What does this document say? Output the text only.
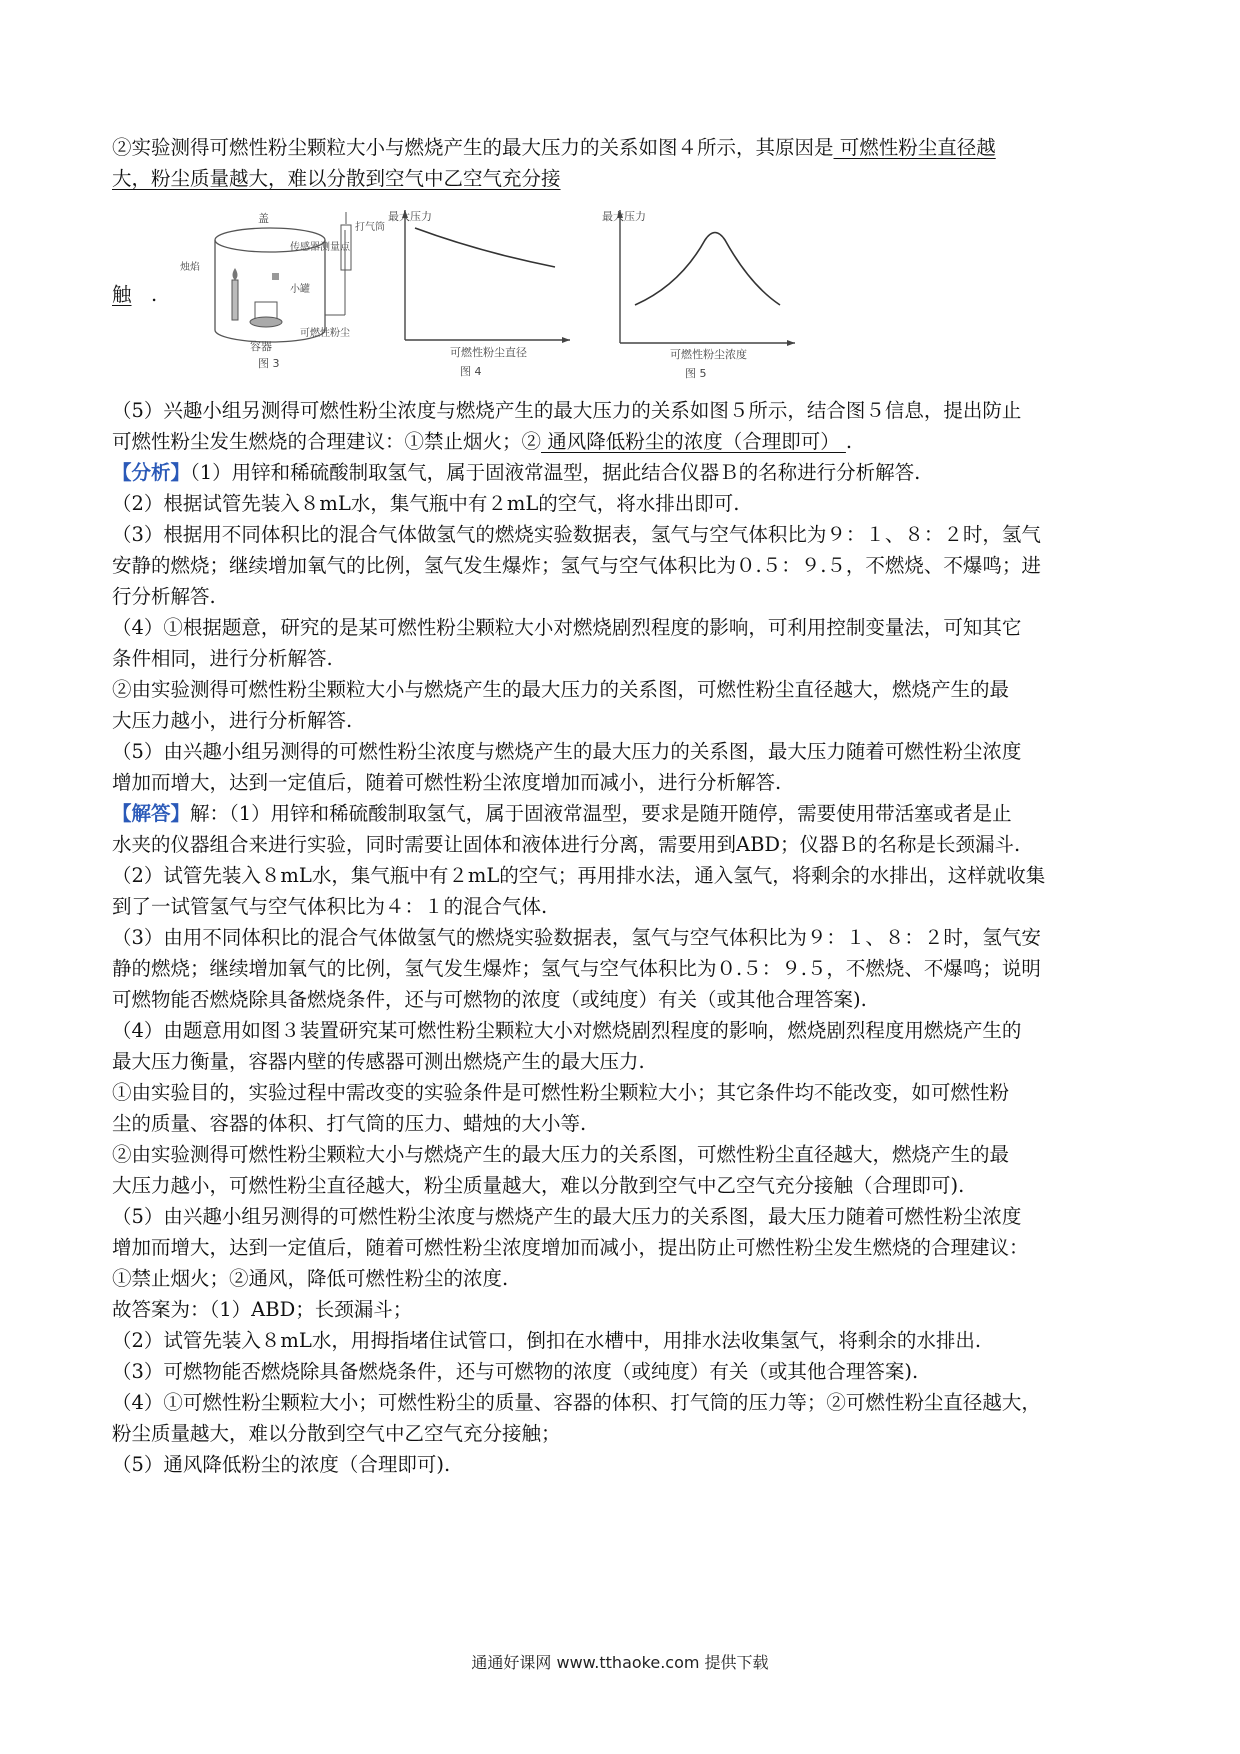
②实验测得可燃性粉尘颗粒大小与燃烧产生的最大压力的关系如图４所示，其原因是 可燃性粉尘直径越
大，粉尘质量越大，难以分散到空气中乙空气充分接
触　 .
盖
传感器测量点
打气筒
烛焰
小罐
容器
可燃性粉尘
图 3
最大压力
可燃性粉尘直径
图 4
最大压力
可燃性粉尘浓度
图 5
（5）兴趣小组另测得可燃性粉尘浓度与燃烧产生的最大压力的关系如图５所示，结合图５信息，提出防止
可燃性粉尘发生燃烧的合理建议：①禁止烟火；② 通风降低粉尘的浓度（合理即可） .
【分析】（1）用锌和稀硫酸制取氢气，属于固液常温型，据此结合仪器Ｂ的名称进行分析解答.
（2）根据试管先装入８mL水，集气瓶中有２mL的空气，将水排出即可.
（3）根据用不同体积比的混合气体做氢气的燃烧实验数据表，氢气与空气体积比为９：１、８：２时，氢气
安静的燃烧；继续增加氧气的比例，氢气发生爆炸；氢气与空气体积比为０.５：９.５，不燃烧、不爆鸣；进
行分析解答.
（4）①根据题意，研究的是某可燃性粉尘颗粒大小对燃烧剧烈程度的影响，可利用控制变量法，可知其它
条件相同，进行分析解答.
②由实验测得可燃性粉尘颗粒大小与燃烧产生的最大压力的关系图，可燃性粉尘直径越大，燃烧产生的最
大压力越小，进行分析解答.
（5）由兴趣小组另测得的可燃性粉尘浓度与燃烧产生的最大压力的关系图，最大压力随着可燃性粉尘浓度
增加而增大，达到一定值后，随着可燃性粉尘浓度增加而减小，进行分析解答.
【解答】解：（1）用锌和稀硫酸制取氢气，属于固液常温型，要求是随开随停，需要使用带活塞或者是止
水夹的仪器组合来进行实验，同时需要让固体和液体进行分离，需要用到ABD；仪器Ｂ的名称是长颈漏斗.
（2）试管先装入８mL水，集气瓶中有２mL的空气；再用排水法，通入氢气，将剩余的水排出，这样就收集
到了一试管氢气与空气体积比为４：１的混合气体.
（3）由用不同体积比的混合气体做氢气的燃烧实验数据表，氢气与空气体积比为９：１、８：２时，氢气安
静的燃烧；继续增加氧气的比例，氢气发生爆炸；氢气与空气体积比为０.５：９.５，不燃烧、不爆鸣；说明
可燃物能否燃烧除具备燃烧条件，还与可燃物的浓度（或纯度）有关（或其他合理答案).
（4）由题意用如图３装置研究某可燃性粉尘颗粒大小对燃烧剧烈程度的影响，燃烧剧烈程度用燃烧产生的
最大压力衡量，容器内壁的传感器可测出燃烧产生的最大压力.
①由实验目的，实验过程中需改变的实验条件是可燃性粉尘颗粒大小；其它条件均不能改变，如可燃性粉
尘的质量、容器的体积、打气筒的压力、蜡烛的大小等.
②由实验测得可燃性粉尘颗粒大小与燃烧产生的最大压力的关系图，可燃性粉尘直径越大，燃烧产生的最
大压力越小，可燃性粉尘直径越大，粉尘质量越大，难以分散到空气中乙空气充分接触（合理即可).
（5）由兴趣小组另测得的可燃性粉尘浓度与燃烧产生的最大压力的关系图，最大压力随着可燃性粉尘浓度
增加而增大，达到一定值后，随着可燃性粉尘浓度增加而减小，提出防止可燃性粉尘发生燃烧的合理建议：
①禁止烟火；②通风，降低可燃性粉尘的浓度.
故答案为：（1）ABD；长颈漏斗；
（2）试管先装入８mL水，用拇指堵住试管口，倒扣在水槽中，用排水法收集氢气，将剩余的水排出.
（3）可燃物能否燃烧除具备燃烧条件，还与可燃物的浓度（或纯度）有关（或其他合理答案).
（4）①可燃性粉尘颗粒大小；可燃性粉尘的质量、容器的体积、打气筒的压力等；②可燃性粉尘直径越大，
粉尘质量越大，难以分散到空气中乙空气充分接触；
（5）通风降低粉尘的浓度（合理即可).
通通好课网 www.tthaoke.com 提供下载
